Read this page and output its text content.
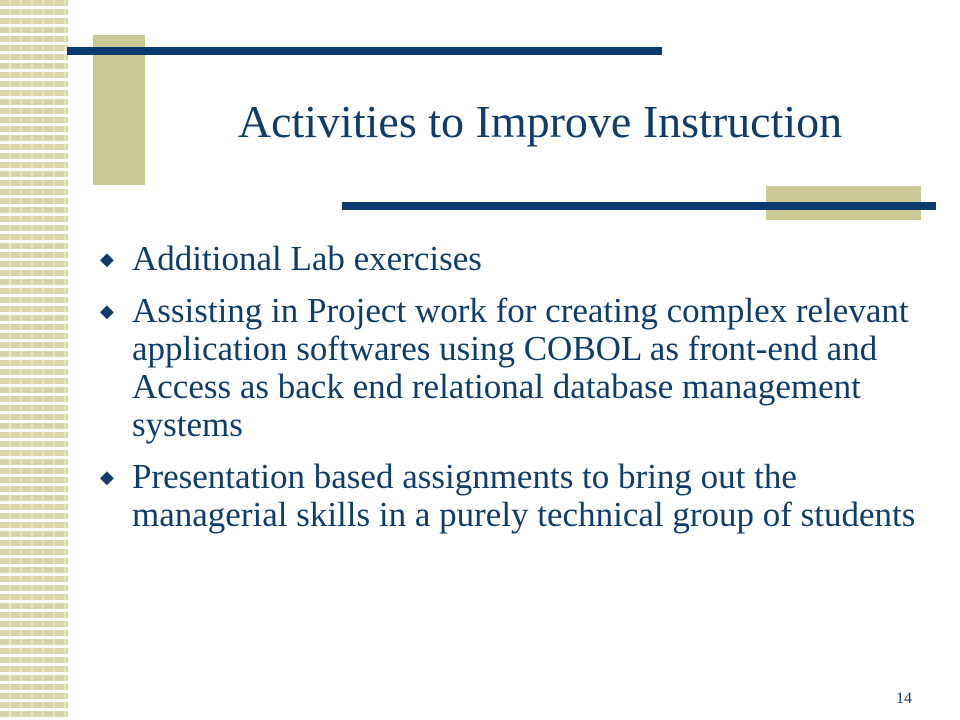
Activities to Improve Instruction
◆ Additional Lab exercises
◆ Assisting in Project work for creating complex relevant application softwares using COBOL as front-end and Access as back end relational database management systems
◆ Presentation based assignments to bring out the managerial skills in a purely technical group of students
14
